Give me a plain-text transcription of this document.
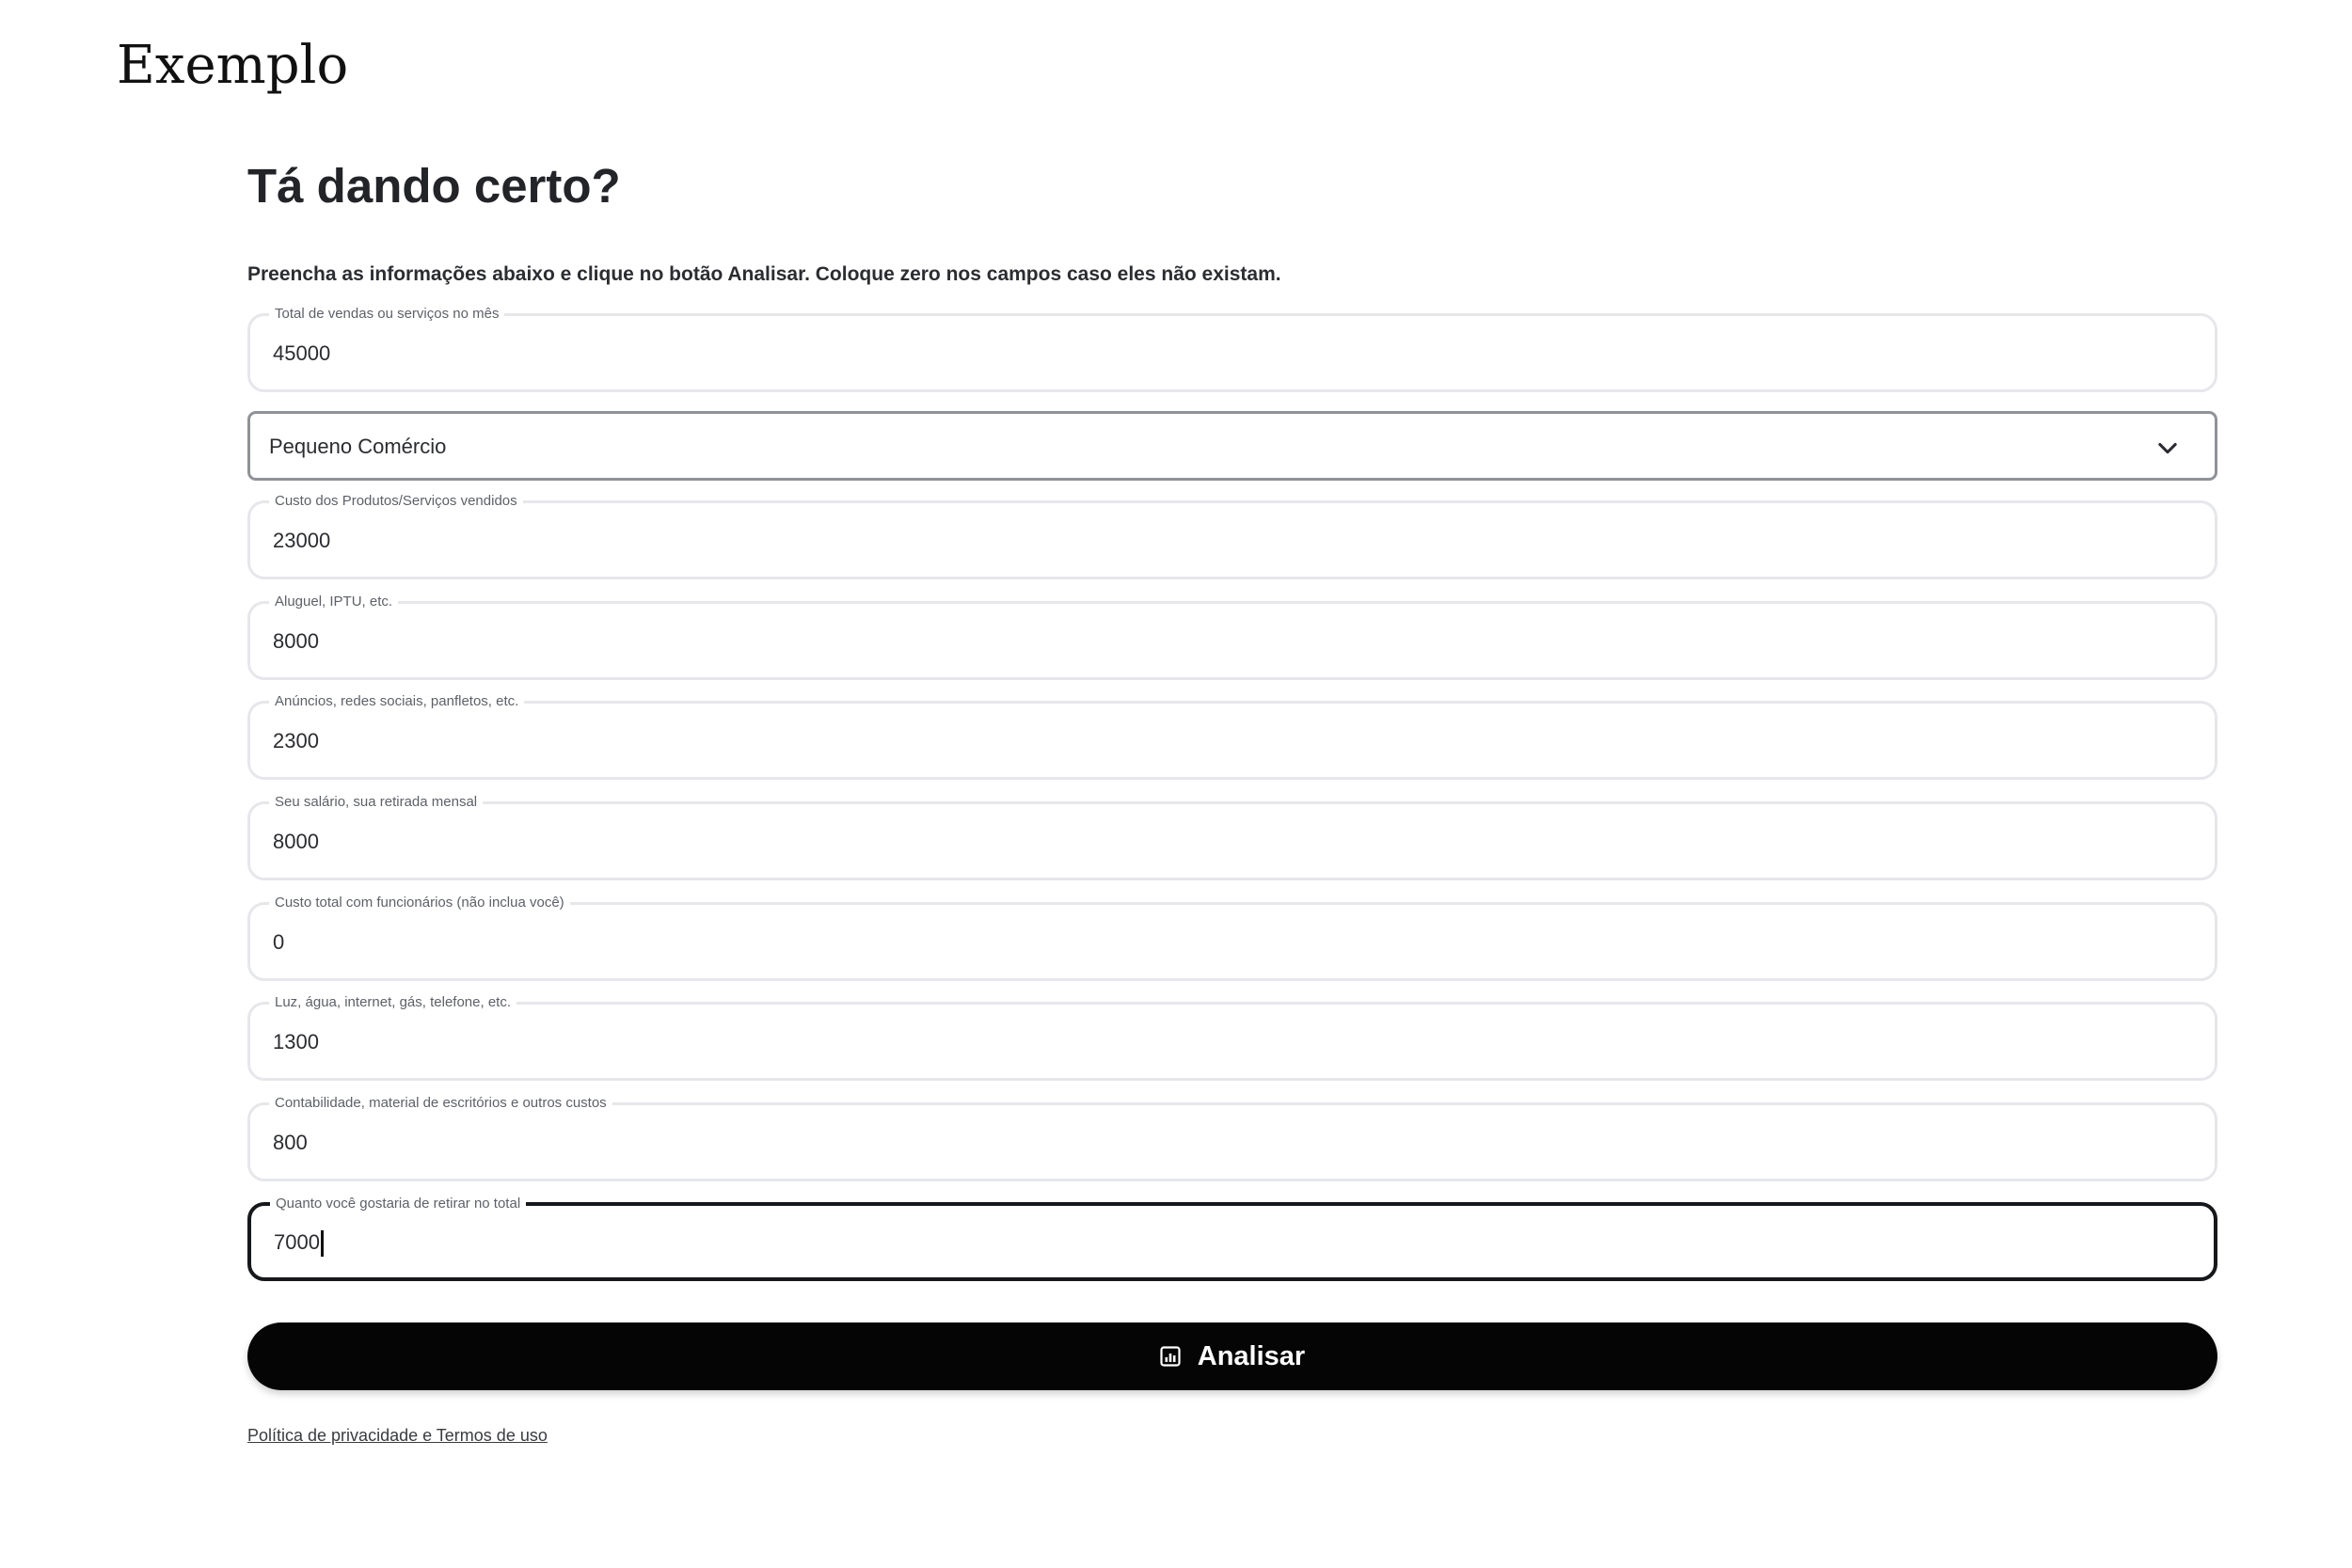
Exemplo
Tá dando certo?

Preencha as informações abaixo e clique no botão Analisar. Coloque zero nos campos caso eles não existam.

Total de vendas ou serviços no mês
45000
Pequeno Comércio
Custo dos Produtos/Serviços vendidos
23000
Aluguel, IPTU, etc.
8000
Anúncios, redes sociais, panfletos, etc.
2300
Seu salário, sua retirada mensal
8000
Custo total com funcionários (não inclua você)
0
Luz, água, internet, gás, telefone, etc.
1300
Contabilidade, material de escritórios e outros custos
800
Quanto você gostaria de retirar no total
7000
Analisar
Política de privacidade e Termos de uso
